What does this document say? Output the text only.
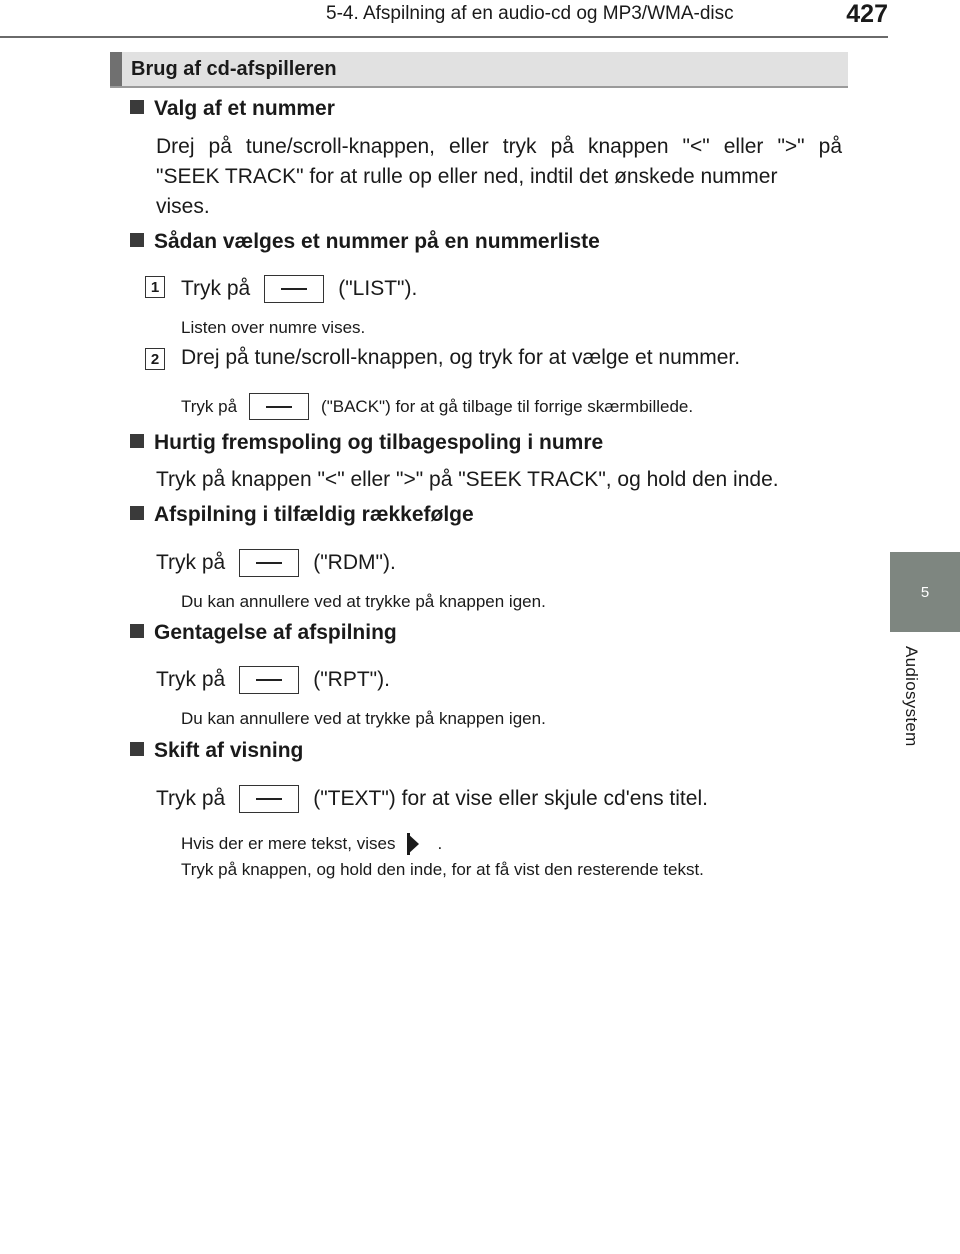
5-4. Afspilning af en audio-cd og MP3/WMA-disc	427
5
Audiosystem
Brug af cd-afspilleren
Valg af et nummer
Drej på tune/scroll-knappen, eller tryk på knappen "<" eller ">" på
"SEEK TRACK" for at rulle op eller ned, indtil det ønskede nummer
vises.
Sådan vælges et nummer på en nummerliste
1 Tryk på	("LIST").
Listen over numre vises.
2 Drej på tune/scroll-knappen, og tryk for at vælge et nummer.
Tryk på	("BACK") for at gå tilbage til forrige skærmbillede.
Hurtig fremspoling og tilbagespoling i numre
Tryk på knappen "<" eller ">" på "SEEK TRACK", og hold den inde.
Afspilning i tilfældig rækkefølge
Tryk på	("RDM").
Du kan annullere ved at trykke på knappen igen.
Gentagelse af afspilning
Tryk på	("RPT").
Du kan annullere ved at trykke på knappen igen.
Skift af visning
Tryk på	("TEXT") for at vise eller skjule cd'ens titel.
Hvis der er mere tekst, vises .
Tryk på knappen, og hold den inde, for at få vist den resterende tekst.
